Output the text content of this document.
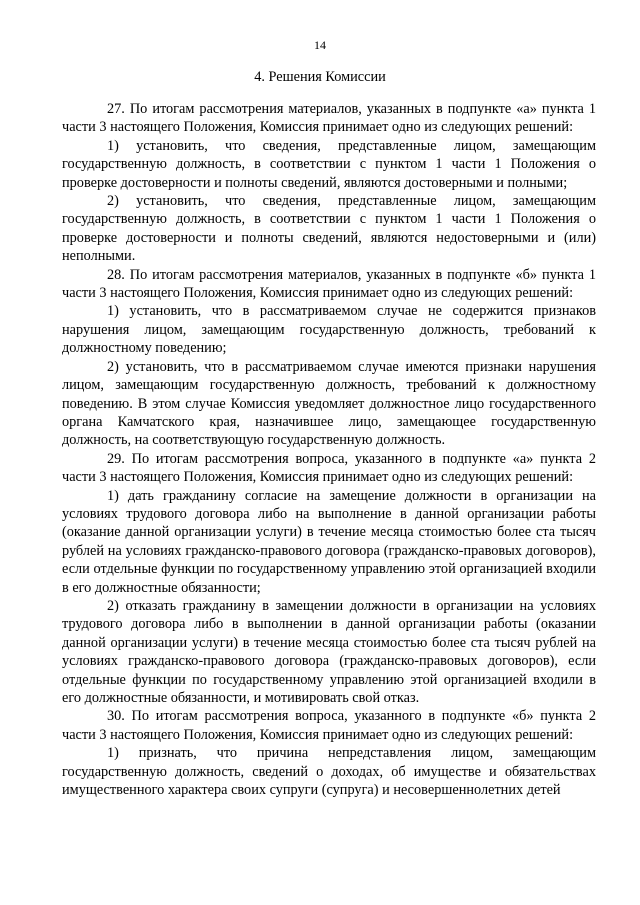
14
4. Решения Комиссии

27. По итогам рассмотрения материалов, указанных в подпункте «а» пункта 1 части 3 настоящего Положения, Комиссия принимает одно из следующих решений:

1) установить, что сведения, представленные лицом, замещающим государственную должность, в соответствии с пунктом 1 части 1 Положения о проверке достоверности и полноты сведений, являются достоверными и полными;

2) установить, что сведения, представленные лицом, замещающим государственную должность, в соответствии с пунктом 1 части 1 Положения о проверке достоверности и полноты сведений, являются недостоверными и (или) неполными.

28. По итогам рассмотрения материалов, указанных в подпункте «б» пункта 1 части 3 настоящего Положения, Комиссия принимает одно из следующих решений:

1) установить, что в рассматриваемом случае не содержится признаков нарушения лицом, замещающим государственную должность, требований к должностному поведению;

2) установить, что в рассматриваемом случае имеются признаки нарушения лицом, замещающим государственную должность, требований к должностному поведению. В этом случае Комиссия уведомляет должностное лицо государственного органа Камчатского края, назначившее лицо, замещающее государственную должность, на соответствующую государственную должность.

29. По итогам рассмотрения вопроса, указанного в подпункте «а» пункта 2 части 3 настоящего Положения, Комиссия принимает одно из следующих решений:

1) дать гражданину согласие на замещение должности в организации на условиях трудового договора либо на выполнение в данной организации работы (оказание данной организации услуги) в течение месяца стоимостью более ста тысяч рублей на условиях гражданско-правового договора (гражданско-правовых договоров), если отдельные функции по государственному управлению этой организацией входили в его должностные обязанности;

2) отказать гражданину в замещении должности в организации на условиях трудового договора либо в выполнении в данной организации работы (оказании данной организации услуги) в течение месяца стоимостью более ста тысяч рублей на условиях гражданско-правового договора (гражданско-правовых договоров), если отдельные функции по государственному управлению этой организацией входили в его должностные обязанности, и мотивировать свой отказ.

30. По итогам рассмотрения вопроса, указанного в подпункте «б» пункта 2 части 3 настоящего Положения, Комиссия принимает одно из следующих решений:

1) признать, что причина непредставления лицом, замещающим государственную должность, сведений о доходах, об имуществе и обязательствах имущественного характера своих супруги (супруга) и несовершеннолетних детей
